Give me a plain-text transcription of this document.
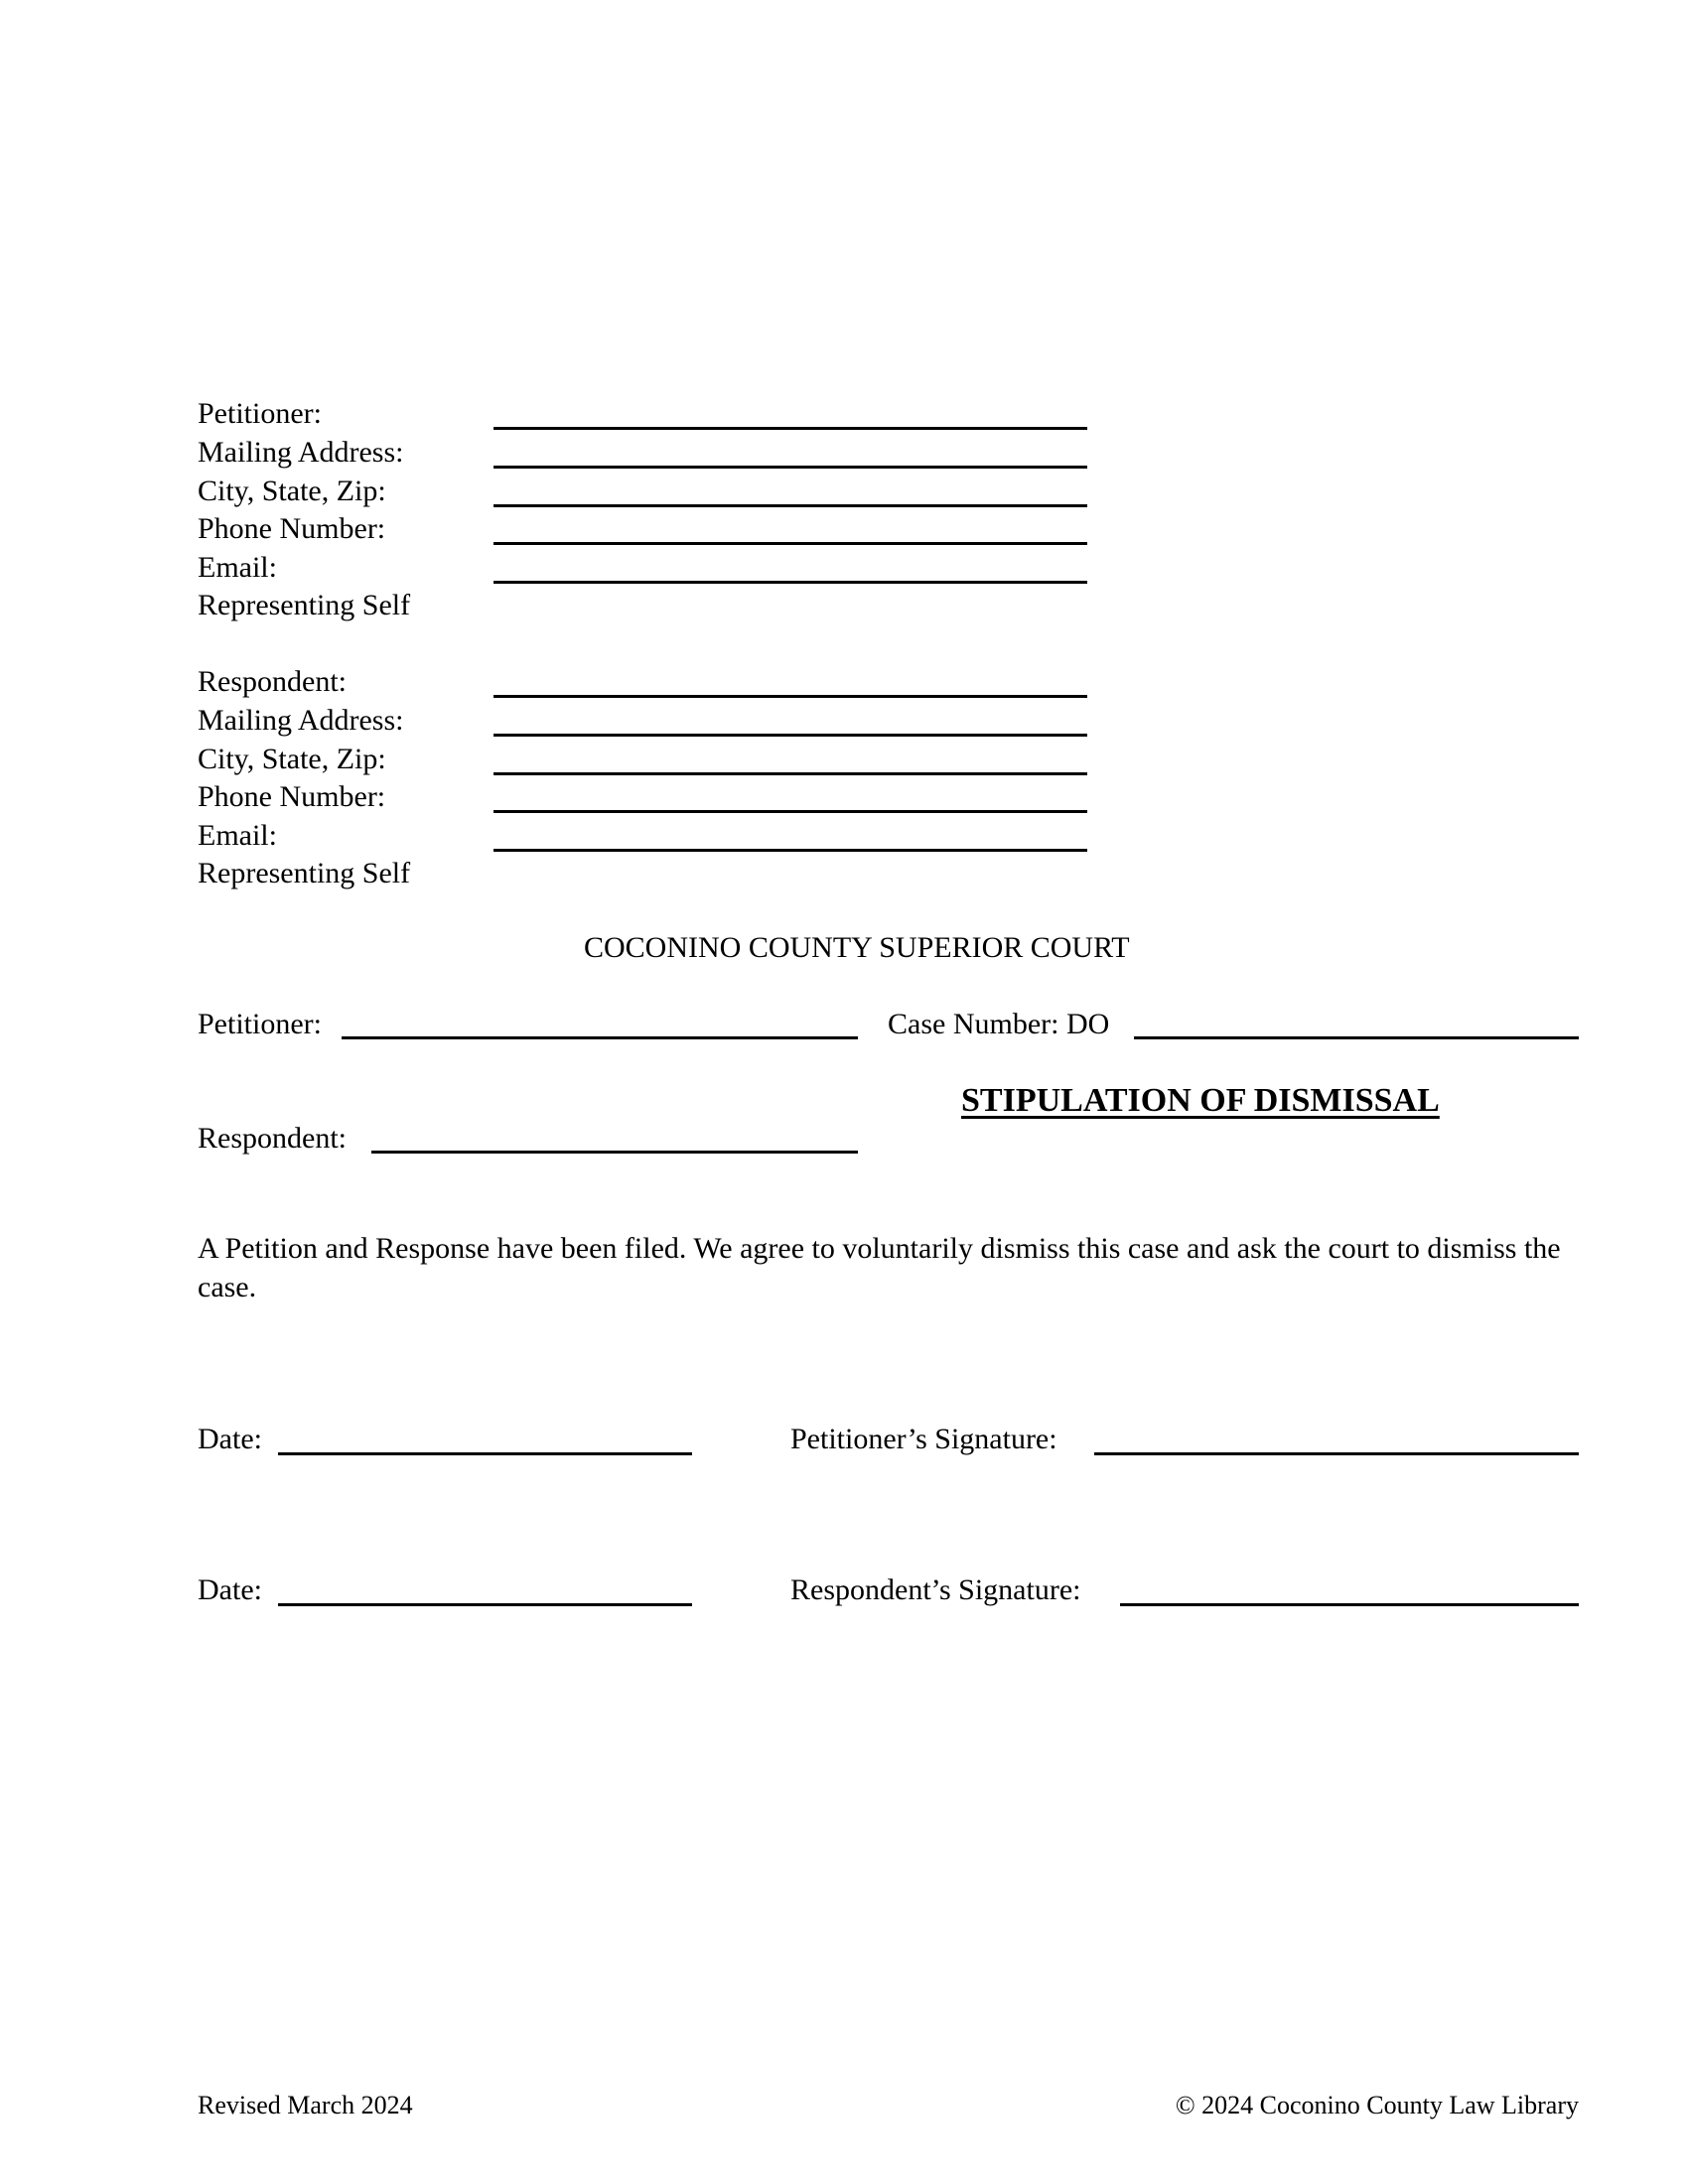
Petitioner:
Mailing Address:
City, State, Zip:
Phone Number:
Email:
Representing Self
Respondent:
Mailing Address:
City, State, Zip:
Phone Number:
Email:
Representing Self
COCONINO COUNTY SUPERIOR COURT
Petitioner:	Case Number: DO
STIPULATION OF DISMISSAL
Respondent:
A Petition and Response have been filed. We agree to voluntarily dismiss this case and ask the court to dismiss the case.
Date:	Petitioner’s Signature:
Date:	Respondent’s Signature:
Revised March 2024	© 2024 Coconino County Law Library
